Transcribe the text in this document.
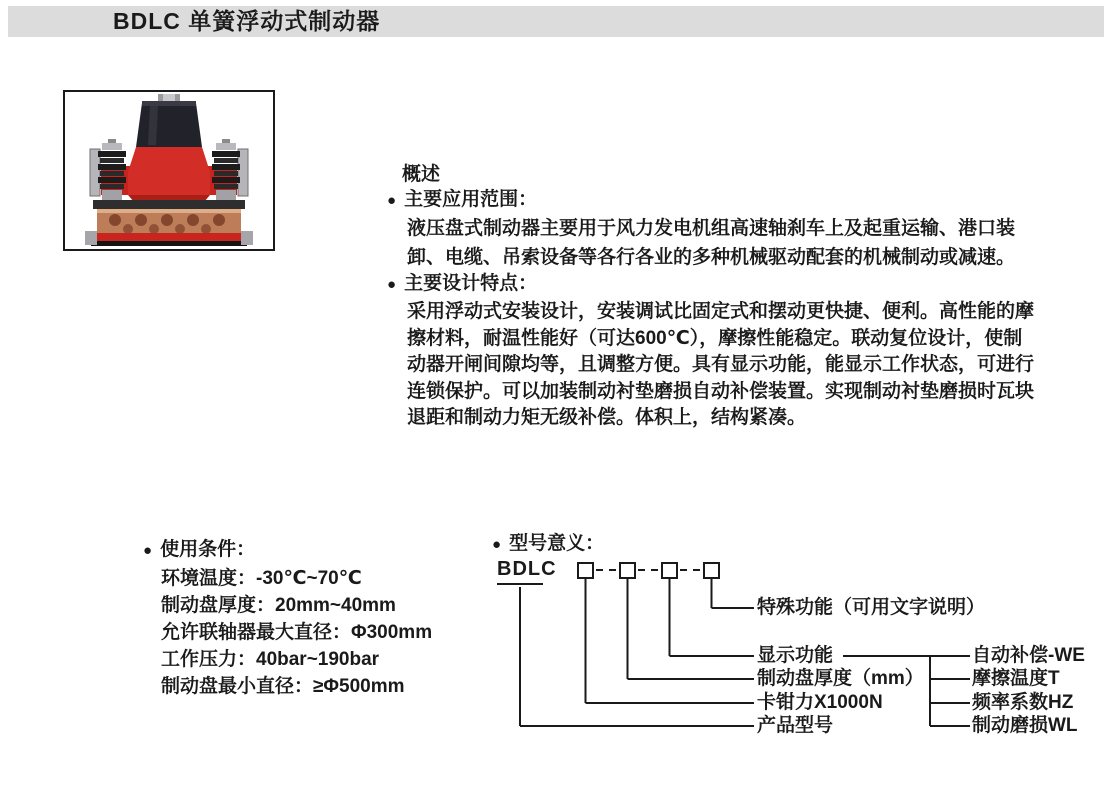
BDLC 单簧浮动式制动器
概述
● 主要应用范围：
液压盘式制动器主要用于风力发电机组高速轴刹车上及起重运输、港口装
卸、电缆、吊索设备等各行各业的多种机械驱动配套的机械制动或减速。
● 主要设计特点：
采用浮动式安装设计，安装调试比固定式和摆动更快捷、便利。高性能的摩
擦材料，耐温性能好（可达600℃），摩擦性能稳定。联动复位设计，使制
动器开闸间隙均等，且调整方便。具有显示功能，能显示工作状态，可进行
连锁保护。可以加装制动衬垫磨损自动补偿装置。实现制动衬垫磨损时瓦块
退距和制动力矩无级补偿。体积上，结构紧凑。
● 使用条件：
环境温度：-30℃~70℃
制动盘厚度：20mm~40mm
允许联轴器最大直径：Φ300mm
工作压力：40bar~190bar
制动盘最小直径：≥Φ500mm
● 型号意义：
BDLC
特殊功能（可用文字说明）
显示功能
制动盘厚度（mm）
卡钳力X1000N
产品型号
自动补偿-WE
摩擦温度T
频率系数HZ
制动磨损WL
